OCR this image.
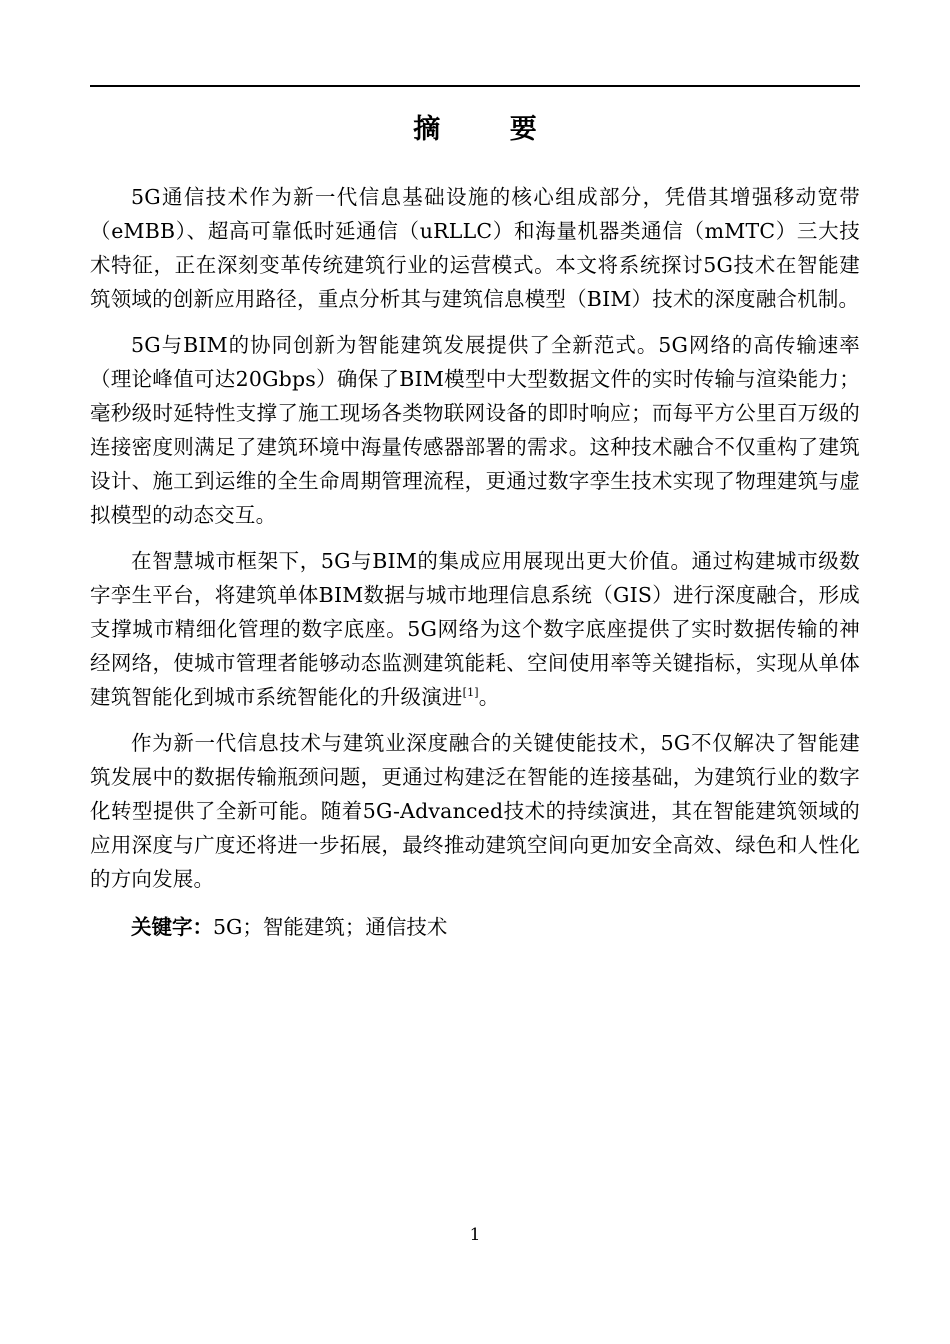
摘 要

5G通信技术作为新一代信息基础设施的核心组成部分，凭借其增强移动宽带（eMBB）、超高可靠低时延通信（uRLLC）和海量机器类通信（mMTC）三大技术特征，正在深刻变革传统建筑行业的运营模式。本文将系统探讨5G技术在智能建筑领域的创新应用路径，重点分析其与建筑信息模型（BIM）技术的深度融合机制。

5G与BIM的协同创新为智能建筑发展提供了全新范式。5G网络的高传输速率（理论峰值可达20Gbps）确保了BIM模型中大型数据文件的实时传输与渲染能力；毫秒级时延特性支撑了施工现场各类物联网设备的即时响应；而每平方公里百万级的连接密度则满足了建筑环境中海量传感器部署的需求。这种技术融合不仅重构了建筑设计、施工到运维的全生命周期管理流程，更通过数字孪生技术实现了物理建筑与虚拟模型的动态交互。

在智慧城市框架下，5G与BIM的集成应用展现出更大价值。通过构建城市级数字孪生平台，将建筑单体BIM数据与城市地理信息系统（GIS）进行深度融合，形成支撑城市精细化管理的数字底座。5G网络为这个数字底座提供了实时数据传输的神经网络，使城市管理者能够动态监测建筑能耗、空间使用率等关键指标，实现从单体建筑智能化到城市系统智能化的升级演进[1]。

作为新一代信息技术与建筑业深度融合的关键使能技术，5G不仅解决了智能建筑发展中的数据传输瓶颈问题，更通过构建泛在智能的连接基础，为建筑行业的数字化转型提供了全新可能。随着5G-Advanced技术的持续演进，其在智能建筑领域的应用深度与广度还将进一步拓展，最终推动建筑空间向更加安全高效、绿色和人性化的方向发展。

关键字：5G；智能建筑；通信技术

1
